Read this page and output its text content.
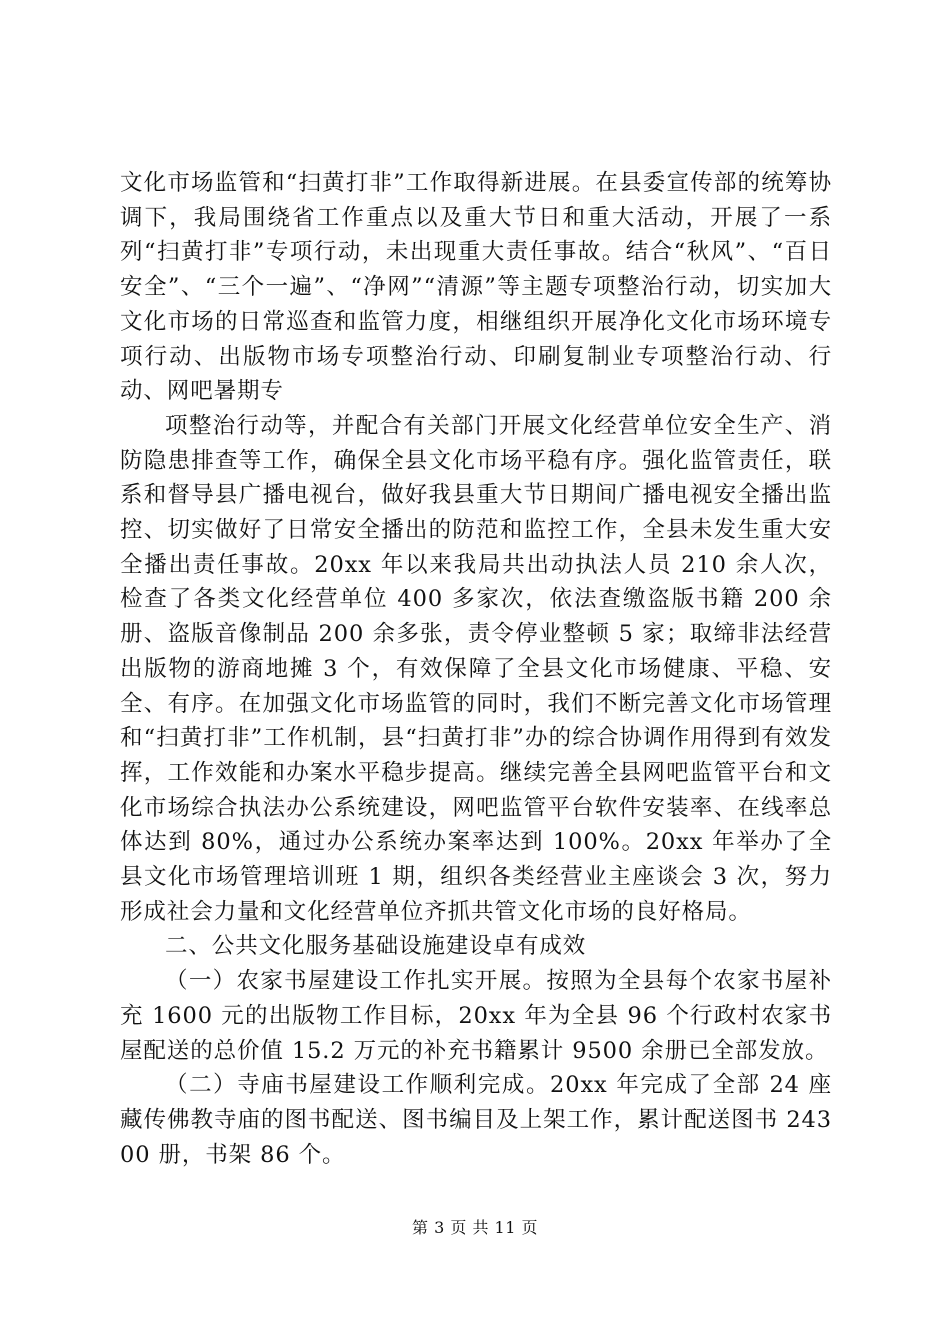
文化市场监管和“扫黄打非”工作取得新进展。在县委宣传部的统筹协调下，我局围绕省工作重点以及重大节日和重大活动，开展了一系列“扫黄打非”专项行动，未出现重大责任事故。结合“秋风”、“百日安全”、“三个一遍”、“净网”“清源”等主题专项整治行动，切实加大文化市场的日常巡查和监管力度，相继组织开展净化文化市场环境专项行动、出版物市场专项整治行动、印刷复制业专项整治行动、行动、网吧暑期专

项整治行动等，并配合有关部门开展文化经营单位安全生产、消防隐患排查等工作，确保全县文化市场平稳有序。强化监管责任，联系和督导县广播电视台，做好我县重大节日期间广播电视安全播出监控、切实做好了日常安全播出的防范和监控工作，全县未发生重大安全播出责任事故。20xx 年以来我局共出动执法人员 210 余人次，检查了各类文化经营单位 400 多家次，依法查缴盗版书籍 200 余册、盗版音像制品 200 余多张，责令停业整顿 5 家；取缔非法经营出版物的游商地摊 3 个，有效保障了全县文化市场健康、平稳、安全、有序。在加强文化市场监管的同时，我们不断完善文化市场管理和“扫黄打非”工作机制，县“扫黄打非”办的综合协调作用得到有效发挥，工作效能和办案水平稳步提高。继续完善全县网吧监管平台和文化市场综合执法办公系统建设，网吧监管平台软件安装率、在线率总体达到 80%，通过办公系统办案率达到 100%。20xx 年举办了全县文化市场管理培训班 1 期，组织各类经营业主座谈会 3 次，努力形成社会力量和文化经营单位齐抓共管文化市场的良好格局。

二、公共文化服务基础设施建设卓有成效

（一）农家书屋建设工作扎实开展。按照为全县每个农家书屋补充 1600 元的出版物工作目标，20xx 年为全县 96 个行政村农家书屋配送的总价值 15.2 万元的补充书籍累计 9500 余册已全部发放。

（二）寺庙书屋建设工作顺利完成。20xx 年完成了全部 24 座藏传佛教寺庙的图书配送、图书编目及上架工作，累计配送图书 24300 册，书架 86 个。

第 3 页 共 11 页
